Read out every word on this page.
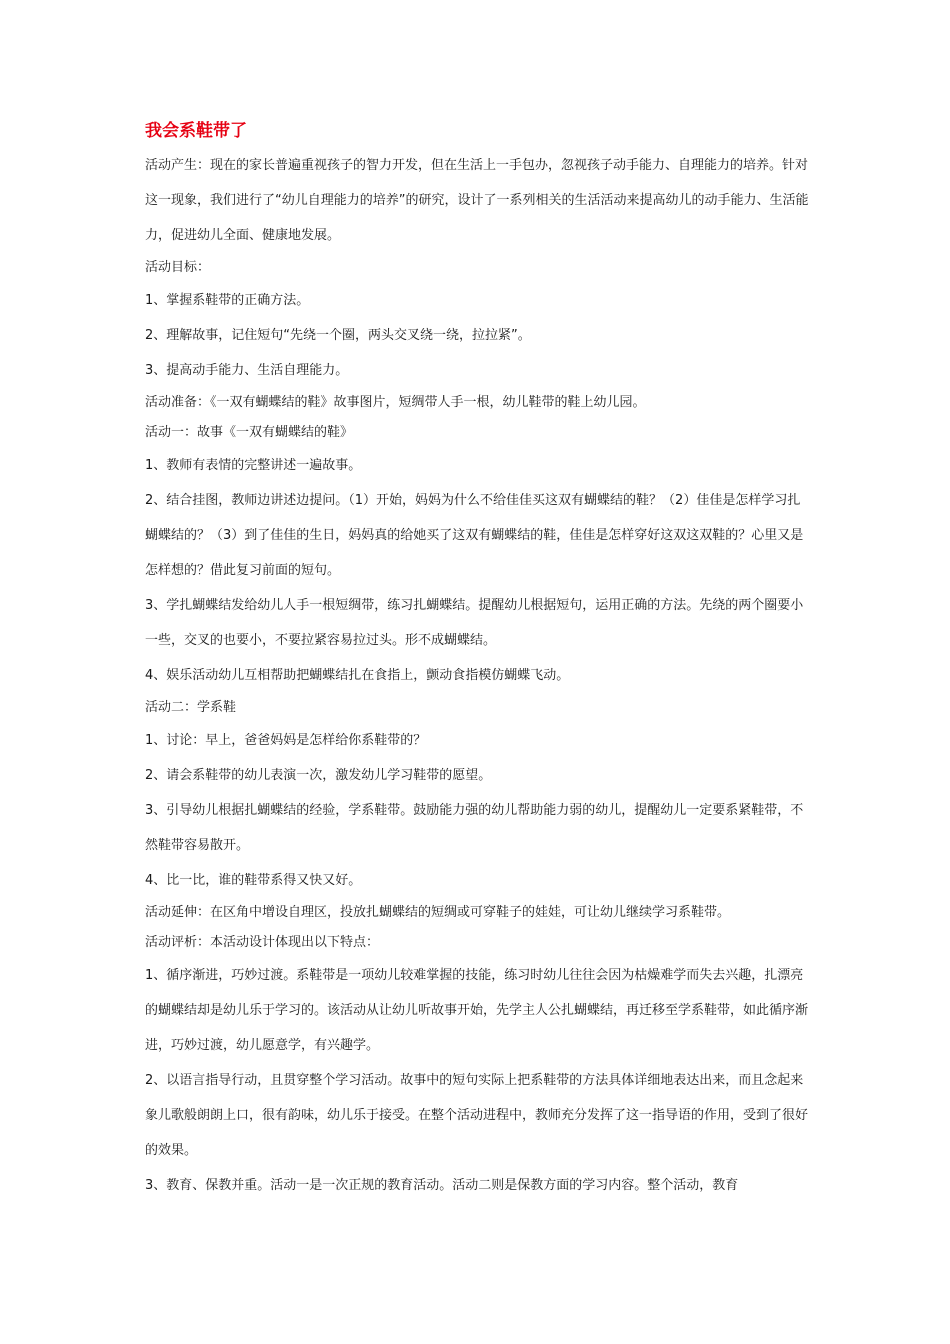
我会系鞋带了

活动产生：现在的家长普遍重视孩子的智力开发，但在生活上一手包办，忽视孩子动手能力、自理能力的培养。针对这一现象，我们进行了“幼儿自理能力的培养”的研究，设计了一系列相关的生活活动来提高幼儿的动手能力、生活能力，促进幼儿全面、健康地发展。

活动目标：

1、掌握系鞋带的正确方法。

2、理解故事，记住短句“先绕一个圈，两头交叉绕一绕，拉拉紧”。

3、提高动手能力、生活自理能力。

活动准备：《一双有蝴蝶结的鞋》故事图片，短绸带人手一根，幼儿鞋带的鞋上幼儿园。

活动一：故事《一双有蝴蝶结的鞋》

1、教师有表情的完整讲述一遍故事。

2、结合挂图，教师边讲述边提问。（1）开始，妈妈为什么不给佳佳买这双有蝴蝶结的鞋？（2）佳佳是怎样学习扎蝴蝶结的？（3）到了佳佳的生日，妈妈真的给她买了这双有蝴蝶结的鞋，佳佳是怎样穿好这双这双鞋的？心里又是怎样想的？借此复习前面的短句。

3、学扎蝴蝶结发给幼儿人手一根短绸带，练习扎蝴蝶结。提醒幼儿根据短句，运用正确的方法。先绕的两个圈要小一些，交叉的也要小，不要拉紧容易拉过头。形不成蝴蝶结。

4、娱乐活动幼儿互相帮助把蝴蝶结扎在食指上，颤动食指模仿蝴蝶飞动。

活动二：学系鞋

1、讨论：早上，爸爸妈妈是怎样给你系鞋带的？

2、请会系鞋带的幼儿表演一次，激发幼儿学习鞋带的愿望。

3、引导幼儿根据扎蝴蝶结的经验，学系鞋带。鼓励能力强的幼儿帮助能力弱的幼儿，提醒幼儿一定要系紧鞋带，不然鞋带容易散开。

4、比一比，谁的鞋带系得又快又好。

活动延伸：在区角中增设自理区，投放扎蝴蝶结的短绸或可穿鞋子的娃娃，可让幼儿继续学习系鞋带。

活动评析：本活动设计体现出以下特点：

1、循序渐进，巧妙过渡。系鞋带是一项幼儿较难掌握的技能，练习时幼儿往往会因为枯燥难学而失去兴趣，扎漂亮的蝴蝶结却是幼儿乐于学习的。该活动从让幼儿听故事开始，先学主人公扎蝴蝶结，再迁移至学系鞋带，如此循序渐进，巧妙过渡，幼儿愿意学，有兴趣学。

2、以语言指导行动，且贯穿整个学习活动。故事中的短句实际上把系鞋带的方法具体详细地表达出来，而且念起来象儿歌般朗朗上口，很有韵味，幼儿乐于接受。在整个活动进程中，教师充分发挥了这一指导语的作用，受到了很好的效果。

3、教育、保教并重。活动一是一次正规的教育活动。活动二则是保教方面的学习内容。整个活动，教育
